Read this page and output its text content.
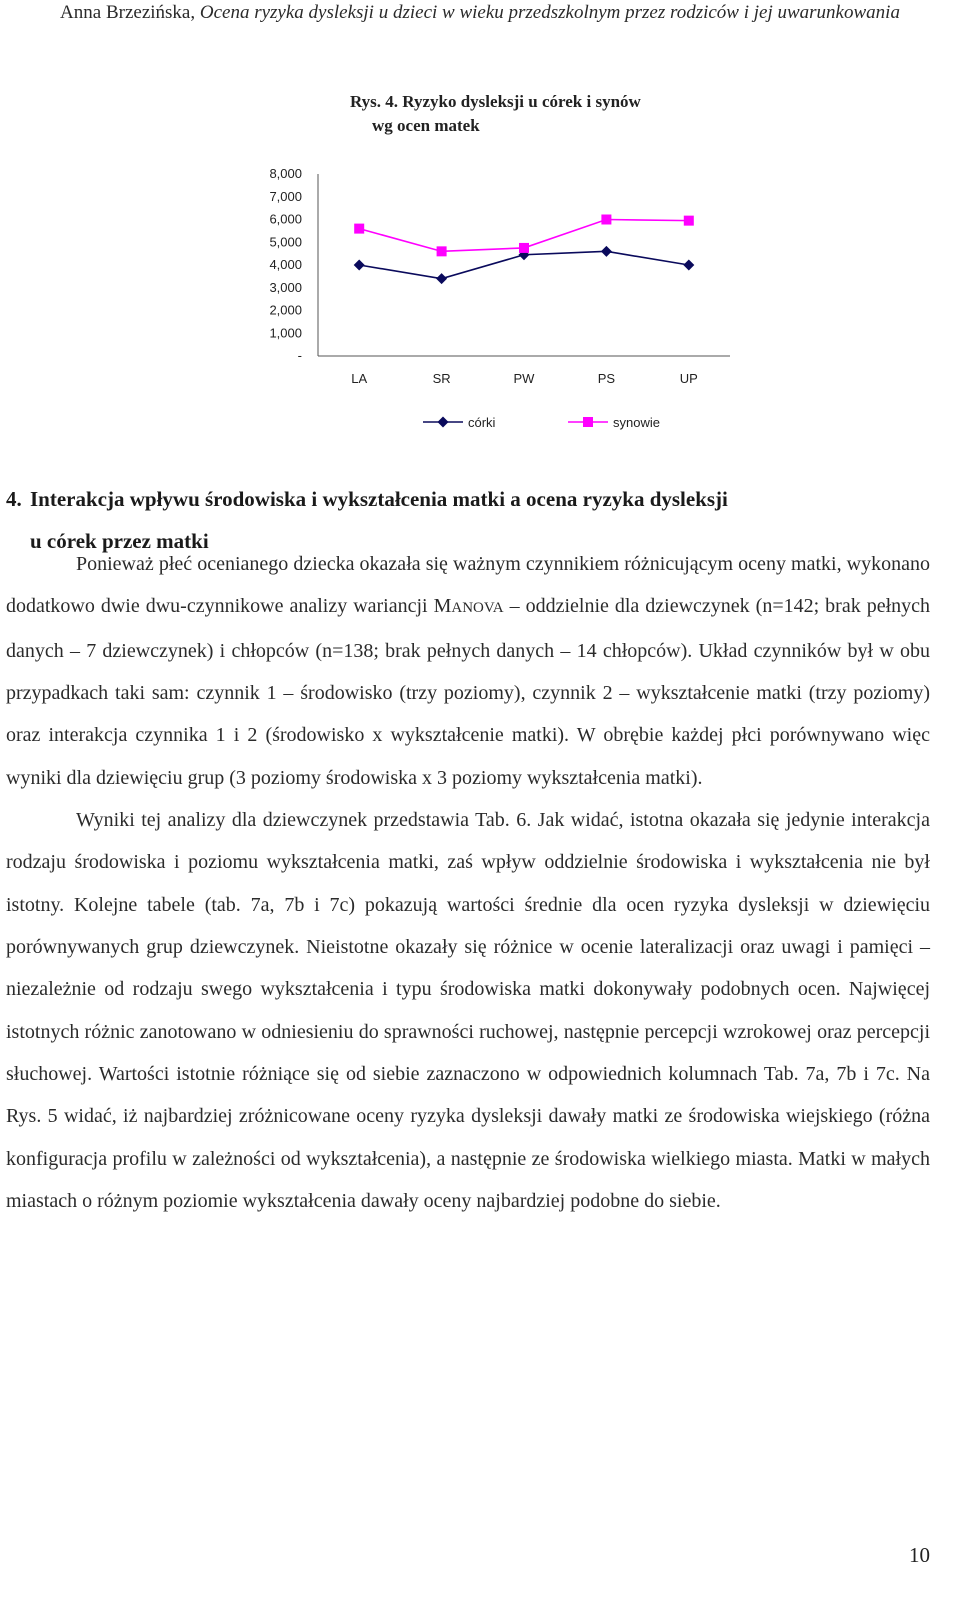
Anna Brzezińska, Ocena ryzyka dysleksji u dzieci w wieku przedszkolnym przez rodziców i jej uwarunkowania
Rys. 4. Ryzyko dysleksji u córek i synów
wg ocen matek
-
1,000
2,000
3,000
4,000
5,000
6,000
7,000
8,000
LA	SR	PW	PS	UP
córki	synowie
4. Interakcja wpływu środowiska i wykształcenia matki a ocena ryzyka dysleksji
u córek przez matki

Ponieważ płeć ocenianego dziecka okazała się ważnym czynnikiem różnicującym oceny matki, wykonano dodatkowo dwie dwu-czynnikowe analizy wariancji MANOVA – oddzielnie dla dziewczynek (n=142; brak pełnych danych – 7 dziewczynek) i chłopców (n=138; brak pełnych danych – 14 chłopców). Układ czynników był w obu przypadkach taki sam: czynnik 1 – środowisko (trzy poziomy), czynnik 2 – wykształcenie matki (trzy poziomy) oraz interakcja czynnika 1 i 2 (środowisko x wykształcenie matki). W obrębie każdej płci porównywano więc wyniki dla dziewięciu grup (3 poziomy środowiska x 3 poziomy wykształcenia matki).

Wyniki tej analizy dla dziewczynek przedstawia Tab. 6. Jak widać, istotna okazała się jedynie interakcja rodzaju środowiska i poziomu wykształcenia matki, zaś wpływ oddzielnie środowiska i wykształcenia nie był istotny. Kolejne tabele (tab. 7a, 7b i 7c) pokazują wartości średnie dla ocen ryzyka dysleksji w dziewięciu porównywanych grup dziewczynek. Nieistotne okazały się różnice w ocenie lateralizacji oraz uwagi i pamięci – niezależnie od rodzaju swego wykształcenia i typu środowiska matki dokonywały podobnych ocen. Najwięcej istotnych różnic zanotowano w odniesieniu do sprawności ruchowej, następnie percepcji wzrokowej oraz percepcji słuchowej. Wartości istotnie różniące się od siebie zaznaczono w odpowiednich kolumnach Tab. 7a, 7b i 7c. Na Rys. 5 widać, iż najbardziej zróżnicowane oceny ryzyka dysleksji dawały matki ze środowiska wiejskiego (różna konfiguracja profilu w zależności od wykształcenia), a następnie ze środowiska wielkiego miasta. Matki w małych miastach o różnym poziomie wykształcenia dawały oceny najbardziej podobne do siebie.

10
